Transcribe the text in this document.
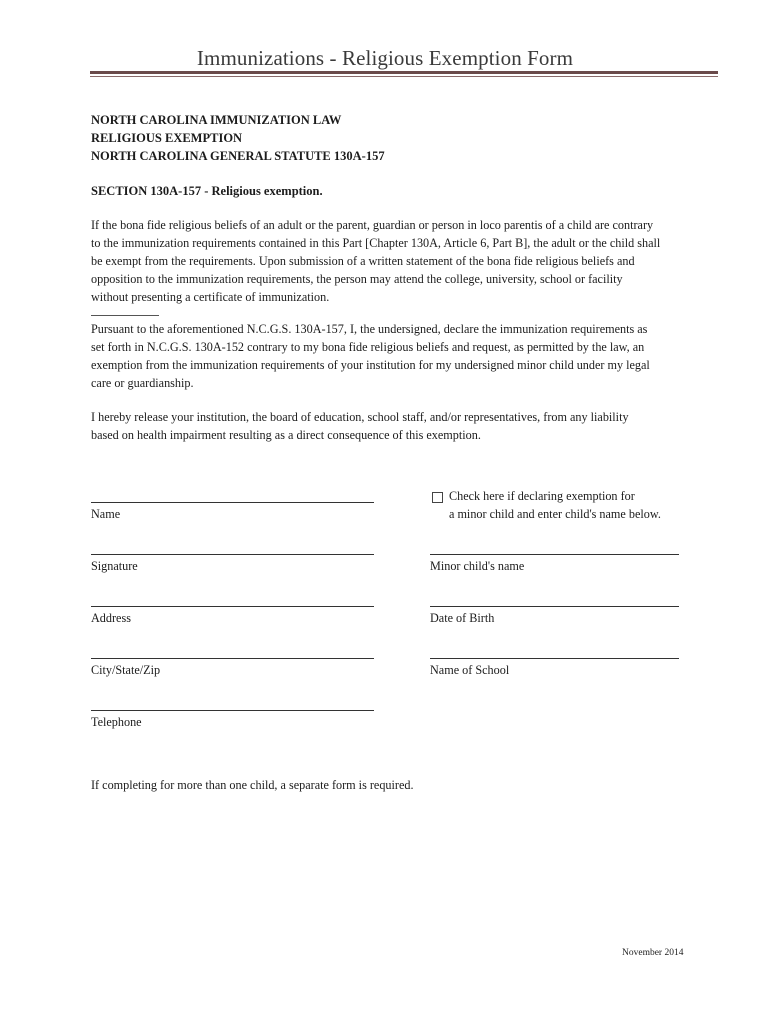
Immunizations - Religious Exemption Form
NORTH CAROLINA IMMUNIZATION LAW
RELIGIOUS EXEMPTION
NORTH CAROLINA GENERAL STATUTE 130A-157
SECTION 130A-157 - Religious exemption.
If the bona fide religious beliefs of an adult or the parent, guardian or person in loco parentis of a child are contrary
to the immunization requirements contained in this Part [Chapter 130A, Article 6, Part B], the adult or the child shall
be exempt from the requirements. Upon submission of a written statement of the bona fide religious beliefs and
opposition to the immunization requirements, the person may attend the college, university, school or facility
without presenting a certificate of immunization.
Pursuant to the aforementioned N.C.G.S. 130A-157, I, the undersigned, declare the immunization requirements as
set forth in N.C.G.S. 130A-152 contrary to my bona fide religious beliefs and request, as permitted by the law, an
exemption from the immunization requirements of your institution for my undersigned minor child under my legal
care or guardianship.
I hereby release your institution, the board of education, school staff, and/or representatives, from any liability
based on health impairment resulting as a direct consequence of this exemption.
Name
Signature
Address
City/State/Zip
Telephone
Check here if declaring exemption for
a minor child and enter child's name below.
Minor child's name
Date of Birth
Name of School
If completing for more than one child, a separate form is required.
November 2014
